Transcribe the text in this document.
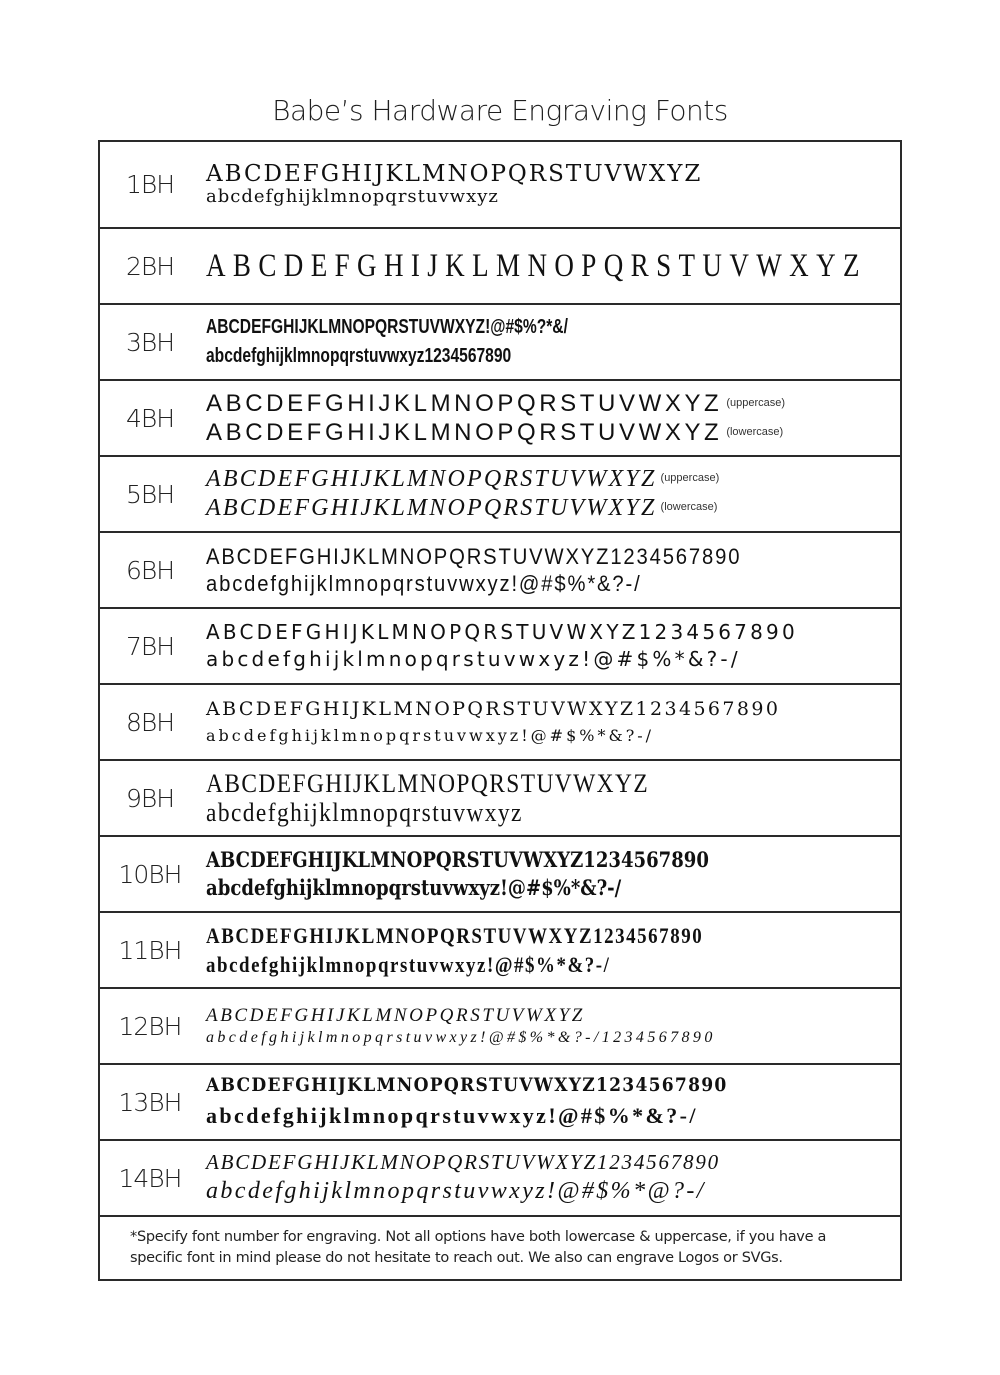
Babe’s Hardware Engraving Fonts
1BH	ABCDEFGHIJKLMNOPQRSTUVWXYZ
abcdefghijklmnopqrstuvwxyz
2BH ABCDEFGHIJKLMNOPQRSTUVWXYZ
3BH
ABCDEFGHIJKLMNOPQRSTUVWXYZ!@#$%?*&/
abcdefghijklmnopqrstuvwxyz1234567890
4BH
ABCDEFGHIJKLMNOPQRSTUVWXYZ $^{(uppercase)}$
ABCDEFGHIJKLMNOPQRSTUVWXYZ $^{(lowercase)}$
5BH
ABCDEFGHIJKLMNOPQRSTUVWXYZ $^{(uppercase)}$
ABCDEFGHIJKLMNOPQRSTUVWXYZ $^{(lowercase)}$
6BH	ABCDEFGHIJKLMNOPQRSTUVWXYZ1234567890
abcdefghijklmnopqrstuvwxyz!@#$%*&?-/
7BH	ABCDEFGHIJKLMNOPQRSTUVWXYZ1234567890
abcdefghijklmnopqrstuvwxyz!@#$%*&?-/
8BH	ABCDEFGHIJKLMNOPQRSTUVWXYZ1234567890
abcdefghijklmnopqrstuvwxyz!@#$%*&?-/
9BH
ABCDEFGHIJKLMNOPQRSTUVWXYZ
abcdefghijklmnopqrstuvwxyz
10BH
ABCDEFGHIJKLMNOPQRSTUVWXYZ1234567890
abcdefghijklmnopqrstuvwxyz!@#$%*&?-/
11BH
ABCDEFGHIJKLMNOPQRSTUVWXYZ1234567890
abcdefghijklmnopqrstuvwxyz!@#$%*&?-/
12BH	ABCDEFGHIJKLMNOPQRSTUVWXYZ
abcdefghijklmnopqrstuvwxyz!@#$%*&?-/1234567890
13BH
ABCDEFGHIJKLMNOPQRSTUVWXYZ1234567890
abcdefghijklmnopqrstuvwxyz!@#$%*&?-/
14BH
ABCDEFGHIJKLMNOPQRSTUVWXYZ1234567890
abcdefghijklmnopqrstuvwxyz!@#$%*@?-/
*Specify font number for engraving. Not all options have both lowercase & uppercase, if you have a specific font in mind please do not hesitate to reach out. We also can engrave Logos or SVGs.
